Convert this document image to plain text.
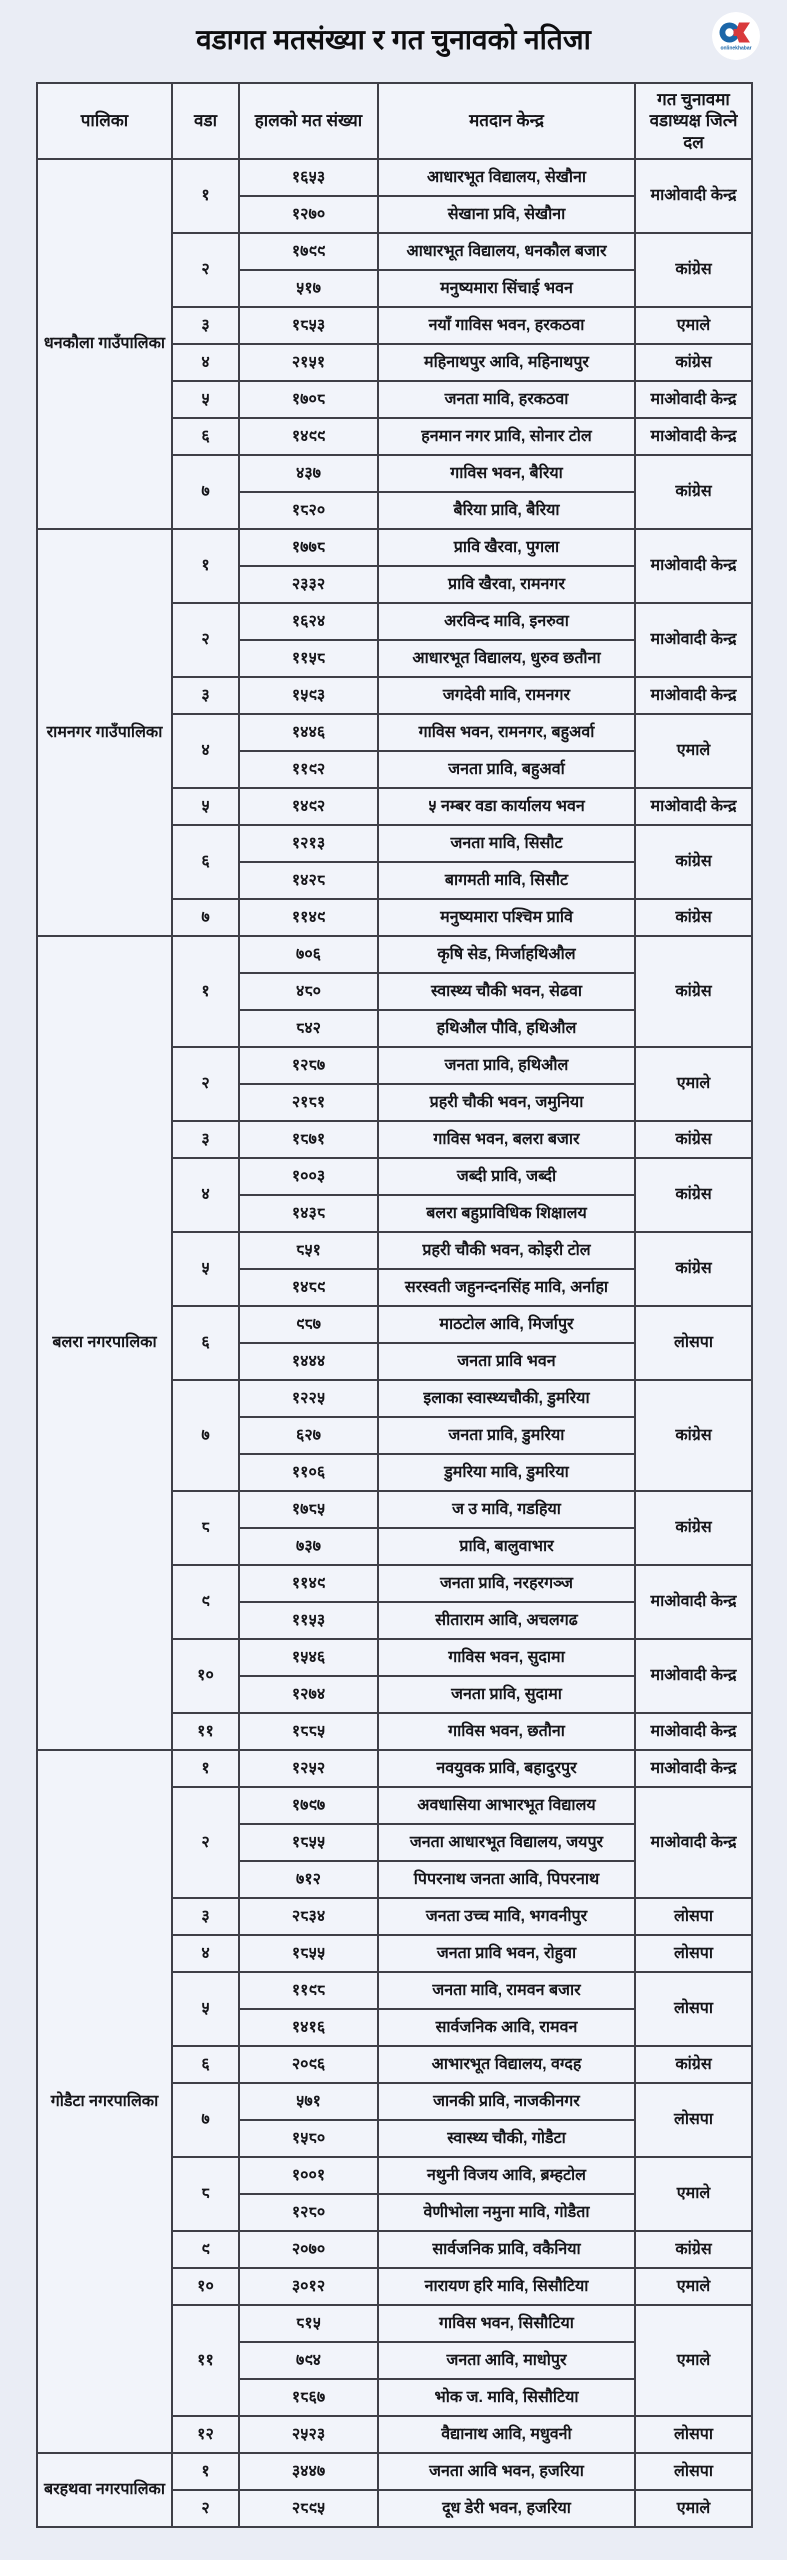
वडागत मतसंख्या र गत चुनावको नतिजा	onlinekhabar
पालिका	वडा	हालको मत संख्या	मतदान केन्द्र	गत चुनावमा वडाध्यक्ष जित्ने दल
धनकौला गाउँपालिका	१	१६५३	आधारभूत विद्यालय, सेखौना	माओवादी केन्द्र
		१२७०	सेखाना प्रवि, सेखौना	
	२	१७९९	आधारभूत विद्यालय, धनकौल बजार	कांग्रेस
		५१७	मनुष्यमारा सिंचाई भवन	
	३	१८५३	नयाँ गाविस भवन, हरकठवा	एमाले
	४	२१५१	महिनाथपुर आवि, महिनाथपुर	कांग्रेस
	५	१७०८	जनता मावि, हरकठवा	माओवादी केन्द्र
	६	१४९९	हनमान नगर प्रावि, सोनार टोल	माओवादी केन्द्र
	७	४३७	गाविस भवन, बैरिया	कांग्रेस
		१८२०	बैरिया प्रावि, बैरिया	
रामनगर गाउँपालिका	१	१७७८	प्रावि खैरवा, पुगला	माओवादी केन्द्र
		२३३२	प्रावि खैरवा, रामनगर	
	२	१६२४	अरविन्द मावि, इनरुवा	माओवादी केन्द्र
		११५८	आधारभूत विद्यालय, धुरुव छतौना	
	३	१५९३	जगदेवी मावि, रामनगर	माओवादी केन्द्र
	४	१४४६	गाविस भवन, रामनगर, बहुअर्वा	एमाले
		११९२	जनता प्रावि, बहुअर्वा	
	५	१४९२	५ नम्बर वडा कार्यालय भवन	माओवादी केन्द्र
	६	१२१३	जनता मावि, सिसौट	कांग्रेस
		१४२८	बागमती मावि, सिसौट	
	७	११४९	मनुष्यमारा पश्चिम प्रावि	कांग्रेस
बलरा नगरपालिका	१	७०६	कृषि सेड, मिर्जाहथिऔल	कांग्रेस
		४८०	स्वास्थ्य चौकी भवन, सेढवा	
		८४२	हथिऔल पौवि, हथिऔल	
	२	१२८७	जनता प्रावि, हथिऔल	एमाले
		२१८१	प्रहरी चौकी भवन, जमुनिया	
	३	१८७१	गाविस भवन, बलरा बजार	कांग्रेस
	४	१००३	जब्दी प्रावि, जब्दी	कांग्रेस
		१४३८	बलरा बहुप्राविधिक शिक्षालय	
	५	८५१	प्रहरी चौकी भवन, कोइरी टोल	कांग्रेस
		१४८९	सरस्वती जहुनन्दनसिंह मावि, अर्नाहा	
	६	९८७	माठटोल आवि, मिर्जापुर	लोसपा
		१४४४	जनता प्रावि भवन	
	७	१२२५	इलाका स्वास्थ्यचौकी, डुमरिया	कांग्रेस
		६२७	जनता प्रावि, डुमरिया	
		११०६	डुमरिया मावि, डुमरिया	
	८	१७८५	ज उ मावि, गडहिया	कांग्रेस
		७३७	प्रावि, बालुवाभार	
	९	११४९	जनता प्रावि, नरहरगञ्ज	माओवादी केन्द्र
		११५३	सीताराम आवि, अचलगढ	
	१०	१५४६	गाविस भवन, सुदामा	माओवादी केन्द्र
		१२७४	जनता प्रावि, सुदामा	
	११	१८८५	गाविस भवन, छतौना	माओवादी केन्द्र
गोडैटा नगरपालिका	१	१२५२	नवयुवक प्रावि, बहादुरपुर	माओवादी केन्द्र
	२	१७९७	अवधासिया आभारभूत विद्यालय	माओवादी केन्द्र
		१८५५	जनता आधारभूत विद्यालय, जयपुर	
		७१२	पिपरनाथ जनता आवि, पिपरनाथ	
	३	२८३४	जनता उच्च मावि, भगवनीपुर	लोसपा
	४	१८५५	जनता प्रावि भवन, रोहुवा	लोसपा
	५	११९८	जनता मावि, रामवन बजार	लोसपा
		१४१६	सार्वजनिक आवि, रामवन	
	६	२०९६	आभारभूत विद्यालय, वग्दह	कांग्रेस
	७	५७१	जानकी प्रावि, नाजकीनगर	लोसपा
		१५८०	स्वास्थ्य चौकी, गोडैटा	
	८	१००१	नथुनी विजय आवि, ब्रम्हटोल	एमाले
		१२८०	वेणीभोला नमुना मावि, गोडैता	
	९	२०७०	सार्वजनिक प्रावि, वकैनिया	कांग्रेस
	१०	३०१२	नारायण हरि मावि, सिसौटिया	एमाले
	११	८१५	गाविस भवन, सिसौटिया	एमाले
		७९४	जनता आवि, माधोपुर	
		१८६७	भोक ज. मावि, सिसौटिया	
	१२	२५२३	वैद्यानाथ आवि, मधुवनी	लोसपा
बरहथवा नगरपालिका	१	३४४७	जनता आवि भवन, हजरिया	लोसपा
	२	२८९५	दूध डेरी भवन, हजरिया	एमाले
